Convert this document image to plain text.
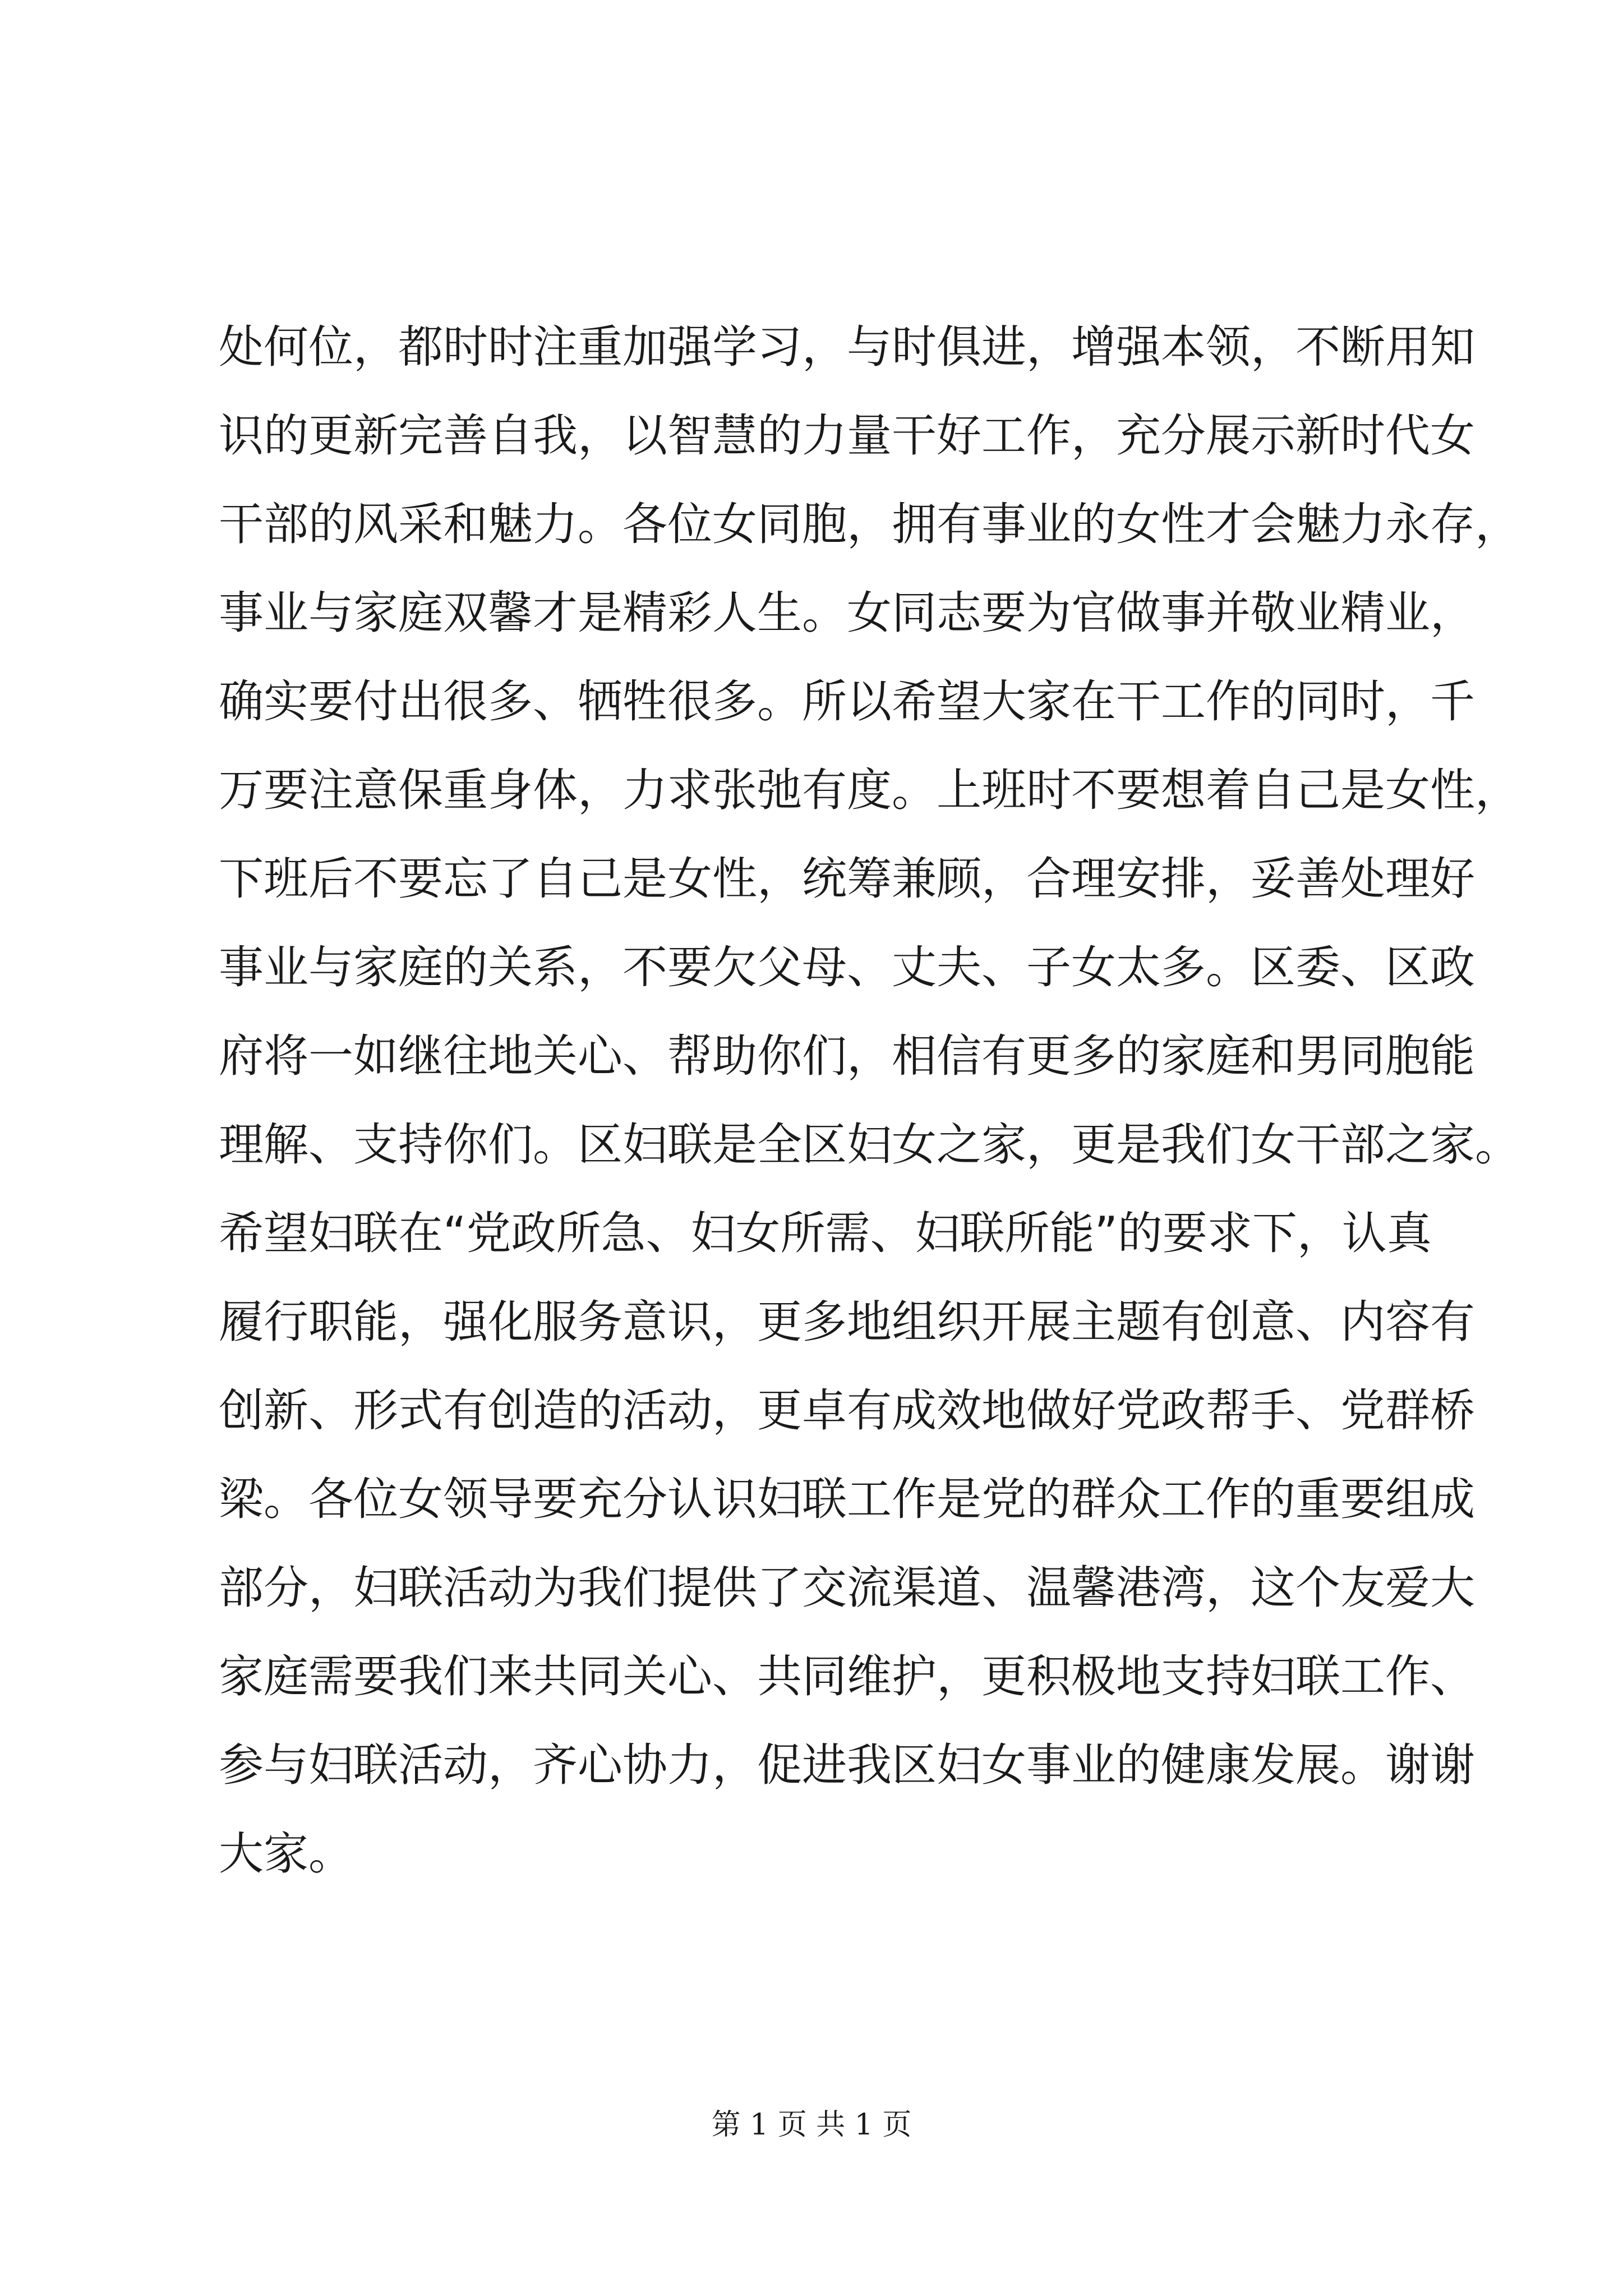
处何位，都时时注重加强学习，与时俱进，增强本领，不断用知
识的更新完善自我，以智慧的力量干好工作，充分展示新时代女
干部的风采和魅力。各位女同胞，拥有事业的女性才会魅力永存，
事业与家庭双馨才是精彩人生。女同志要为官做事并敬业精业，
确实要付出很多、牺牲很多。所以希望大家在干工作的同时，千
万要注意保重身体，力求张弛有度。上班时不要想着自己是女性，
下班后不要忘了自己是女性，统筹兼顾，合理安排，妥善处理好
事业与家庭的关系，不要欠父母、丈夫、子女太多。区委、区政
府将一如继往地关心、帮助你们，相信有更多的家庭和男同胞能
理解、支持你们。区妇联是全区妇女之家，更是我们女干部之家。
希望妇联在“党政所急、妇女所需、妇联所能”的要求下，认真
履行职能，强化服务意识，更多地组织开展主题有创意、内容有
创新、形式有创造的活动，更卓有成效地做好党政帮手、党群桥
梁。各位女领导要充分认识妇联工作是党的群众工作的重要组成
部分，妇联活动为我们提供了交流渠道、温馨港湾，这个友爱大
家庭需要我们来共同关心、共同维护，更积极地支持妇联工作、
参与妇联活动，齐心协力，促进我区妇女事业的健康发展。谢谢
大家。
第 1 页 共 1 页
